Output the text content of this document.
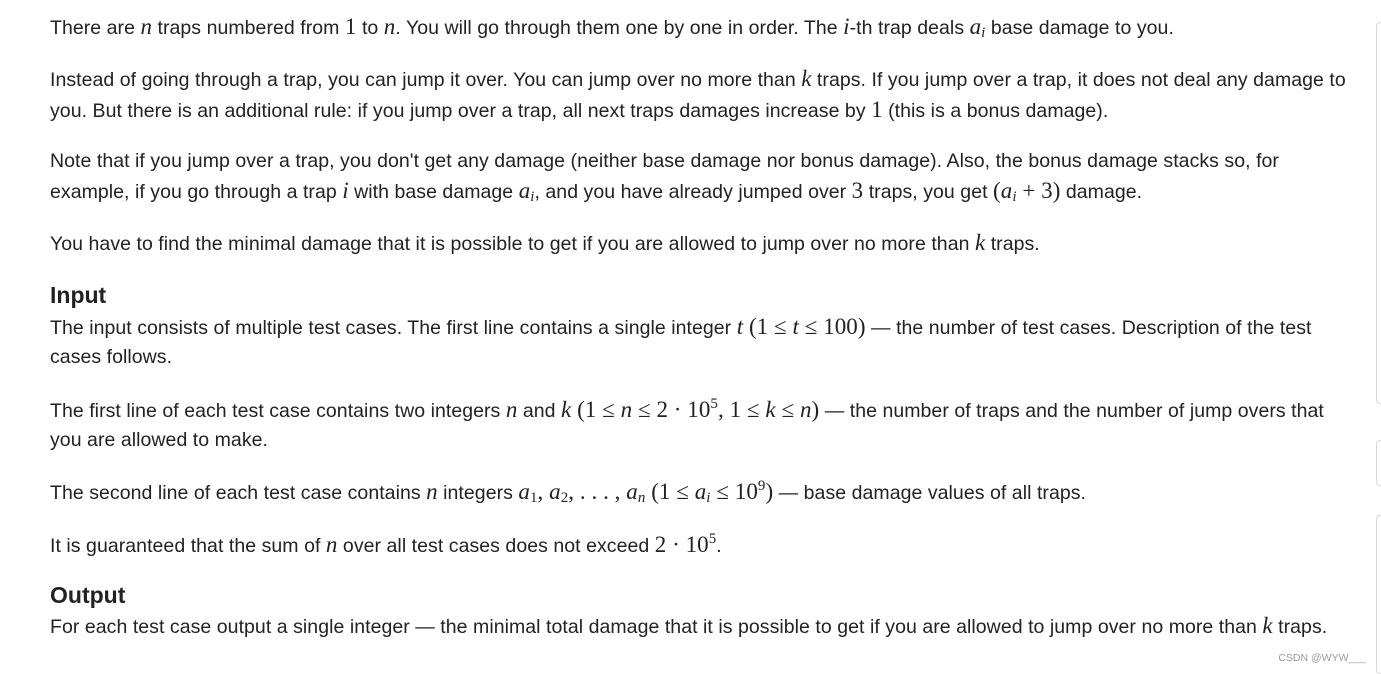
There are n traps numbered from 1 to n. You will go through them one by one in order. The i-th trap deals $a_i$ base damage to you.

Instead of going through a trap, you can jump it over. You can jump over no more than k traps. If you jump over a trap, it does not deal any damage to you. But there is an additional rule: if you jump over a trap, all next traps damages increase by 1 (this is a bonus damage).

Note that if you jump over a trap, you don't get any damage (neither base damage nor bonus damage). Also, the bonus damage stacks so, for example, if you go through a trap i with base damage $a_i$, and you have already jumped over 3 traps, you get $(a_i + 3)$ damage.

You have to find the minimal damage that it is possible to get if you are allowed to jump over no more than k traps.

Input

The input consists of multiple test cases. The first line contains a single integer t (1 ≤ t ≤ 100) — the number of test cases. Description of the test cases follows.

The first line of each test case contains two integers n and k ($1 \le n \le 2 \cdot 10^5$, 1 ≤ k ≤ n) — the number of traps and the number of jump overs that you are allowed to make.

The second line of each test case contains n integers $a_1$, $a_2$, . . . , $a_n$ $(1 \le a_i \le 10^9)$ — base damage values of all traps.

It is guaranteed that the sum of n over all test cases does not exceed $2 \cdot 10^5$.

Output

For each test case output a single integer — the minimal total damage that it is possible to get if you are allowed to jump over no more than k traps.

CSDN @WYW___
